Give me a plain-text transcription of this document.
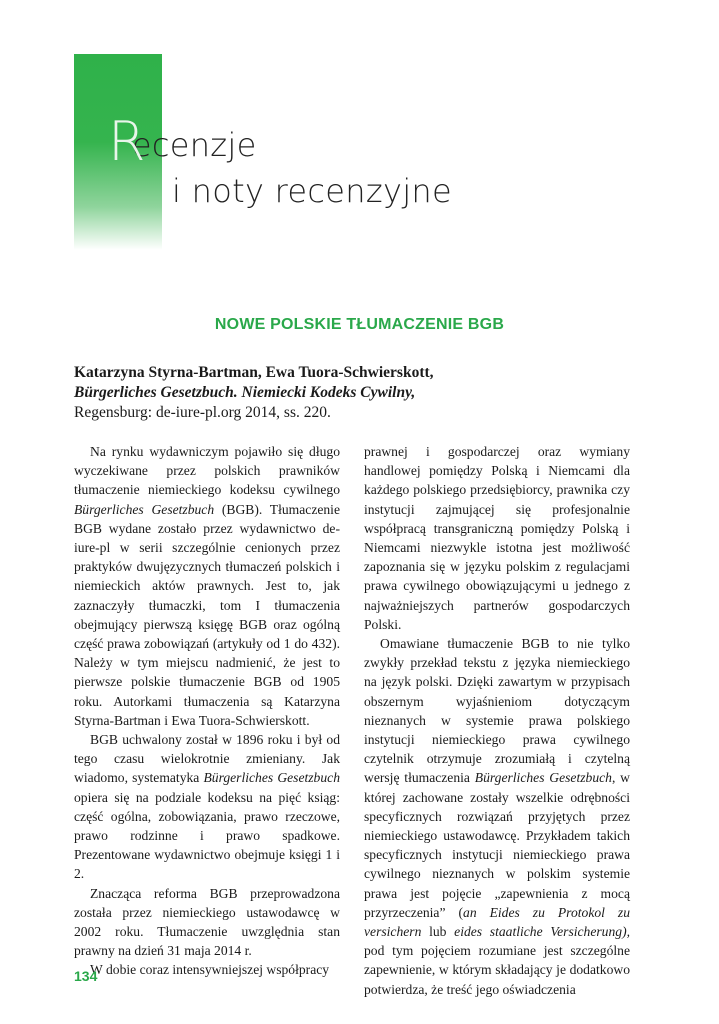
Recenzje
i noty recenzyjne
NOWE POLSKIE TŁUMACZENIE BGB
Katarzyna Styrna-Bartman, Ewa Tuora-Schwierskott,
Bürgerliches Gesetzbuch. Niemiecki Kodeks Cywilny,
Regensburg: de-iure-pl.org 2014, ss. 220.

Na rynku wydawniczym pojawiło się długo wyczekiwane przez polskich prawników tłumaczenie niemieckiego kodeksu cywilnego Bürgerliches Gesetzbuch (BGB). Tłumaczenie BGB wydane zostało przez wydawnictwo de-iure-pl w serii szczególnie cenionych przez praktyków dwujęzycznych tłumaczeń polskich i niemieckich aktów prawnych. Jest to, jak zaznaczyły tłumaczki, tom I tłumaczenia obejmujący pierwszą księgę BGB oraz ogólną część prawa zobowiązań (artykuły od 1 do 432). Należy w tym miejscu nadmienić, że jest to pierwsze polskie tłumaczenie BGB od 1905 roku. Autorkami tłumaczenia są Katarzyna Styrna-Bartman i Ewa Tuora-Schwierskott.

BGB uchwalony został w 1896 roku i był od tego czasu wielokrotnie zmieniany. Jak wiadomo, systematyka Bürgerliches Gesetzbuch opiera się na podziale kodeksu na pięć ksiąg: część ogólna, zobowiązania, prawo rzeczowe, prawo rodzinne i prawo spadkowe. Prezentowane wydawnictwo obejmuje księgi 1 i 2.

Znacząca reforma BGB przeprowadzona została przez niemieckiego ustawodawcę w 2002 roku. Tłumaczenie uwzględnia stan prawny na dzień 31 maja 2014 r.

W dobie coraz intensywniejszej współpracy

prawnej i gospodarczej oraz wymiany handlowej pomiędzy Polską i Niemcami dla każdego polskiego przedsiębiorcy, prawnika czy instytucji zajmującej się profesjonalnie współpracą transgraniczną pomiędzy Polską i Niemcami niezwykle istotna jest możliwość zapoznania się w języku polskim z regulacjami prawa cywilnego obowiązującymi u jednego z najważniejszych partnerów gospodarczych Polski.

Omawiane tłumaczenie BGB to nie tylko zwykły przekład tekstu z języka niemieckiego na język polski. Dzięki zawartym w przypisach obszernym wyjaśnieniom dotyczącym nieznanych w systemie prawa polskiego instytucji niemieckiego prawa cywilnego czytelnik otrzymuje zrozumiałą i czytelną wersję tłumaczenia Bürgerliches Gesetzbuch, w której zachowane zostały wszelkie odrębności specyficznych rozwiązań przyjętych przez niemieckiego ustawodawcę. Przykładem takich specyficznych instytucji niemieckiego prawa cywilnego nieznanych w polskim systemie prawa jest pojęcie „zapewnienia z mocą przyrzeczenia” (an Eides zu Protokol zu versichern lub eides staatliche Versicherung), pod tym pojęciem rozumiane jest szczególne zapewnienie, w którym składający je dodatkowo potwierdza, że treść jego oświadczenia

134
